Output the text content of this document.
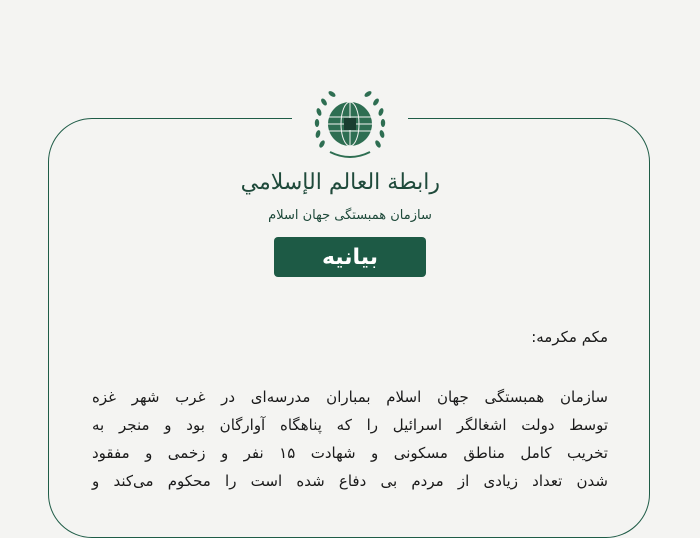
رابطة العالم الإسلامي
سازمان همبستگی جهان اسلام
بیانیه
مکم مکرمه:
سازمان همبستگی جهان اسلام بمباران مدرسه‌ای در غرب شهر غزه
توسط دولت اشغالگر اسرائیل را که پناهگاه آوارگان بود و منجر به
تخریب کامل مناطق مسکونی و شهادت ۱۵ نفر و زخمی و مفقود
شدن تعداد زیادی از مردم بی دفاع شده است را محکوم می‌کند و
